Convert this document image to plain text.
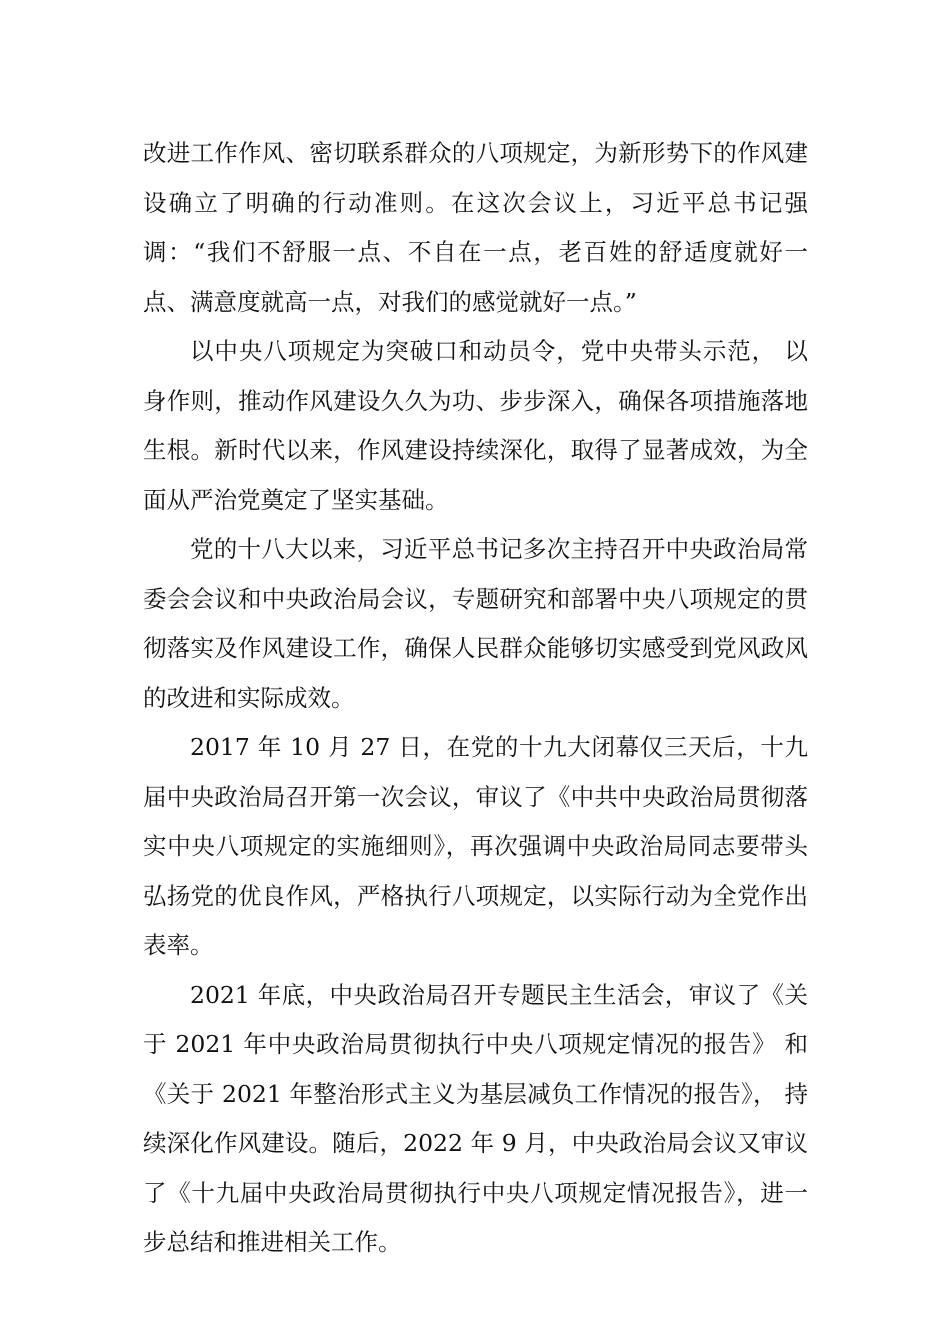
改进工作作风、密切联系群众的八项规定，为新形势下的作风建设确立了明确的行动准则。在这次会议上，习近平总书记强调：“我们不舒服一点、不自在一点，老百姓的舒适度就好一点、满意度就高一点，对我们的感觉就好一点。”

以中央八项规定为突破口和动员令，党中央带头示范， 以身作则，推动作风建设久久为功、步步深入，确保各项措施落地生根。新时代以来，作风建设持续深化，取得了显著成效，为全面从严治党奠定了坚实基础。

党的十八大以来，习近平总书记多次主持召开中央政治局常委会会议和中央政治局会议，专题研究和部署中央八项规定的贯彻落实及作风建设工作，确保人民群众能够切实感受到党风政风的改进和实际成效。

2017 年 10 月 27 日，在党的十九大闭幕仅三天后，十九届中央政治局召开第一次会议，审议了《中共中央政治局贯彻落实中央八项规定的实施细则》，再次强调中央政治局同志要带头弘扬党的优良作风，严格执行八项规定，以实际行动为全党作出表率。

2021 年底，中央政治局召开专题民主生活会，审议了《关于 2021 年中央政治局贯彻执行中央八项规定情况的报告》 和《关于 2021 年整治形式主义为基层减负工作情况的报告》， 持续深化作风建设。随后，2022 年 9 月，中央政治局会议又审议了《十九届中央政治局贯彻执行中央八项规定情况报告》，进一步总结和推进相关工作。
